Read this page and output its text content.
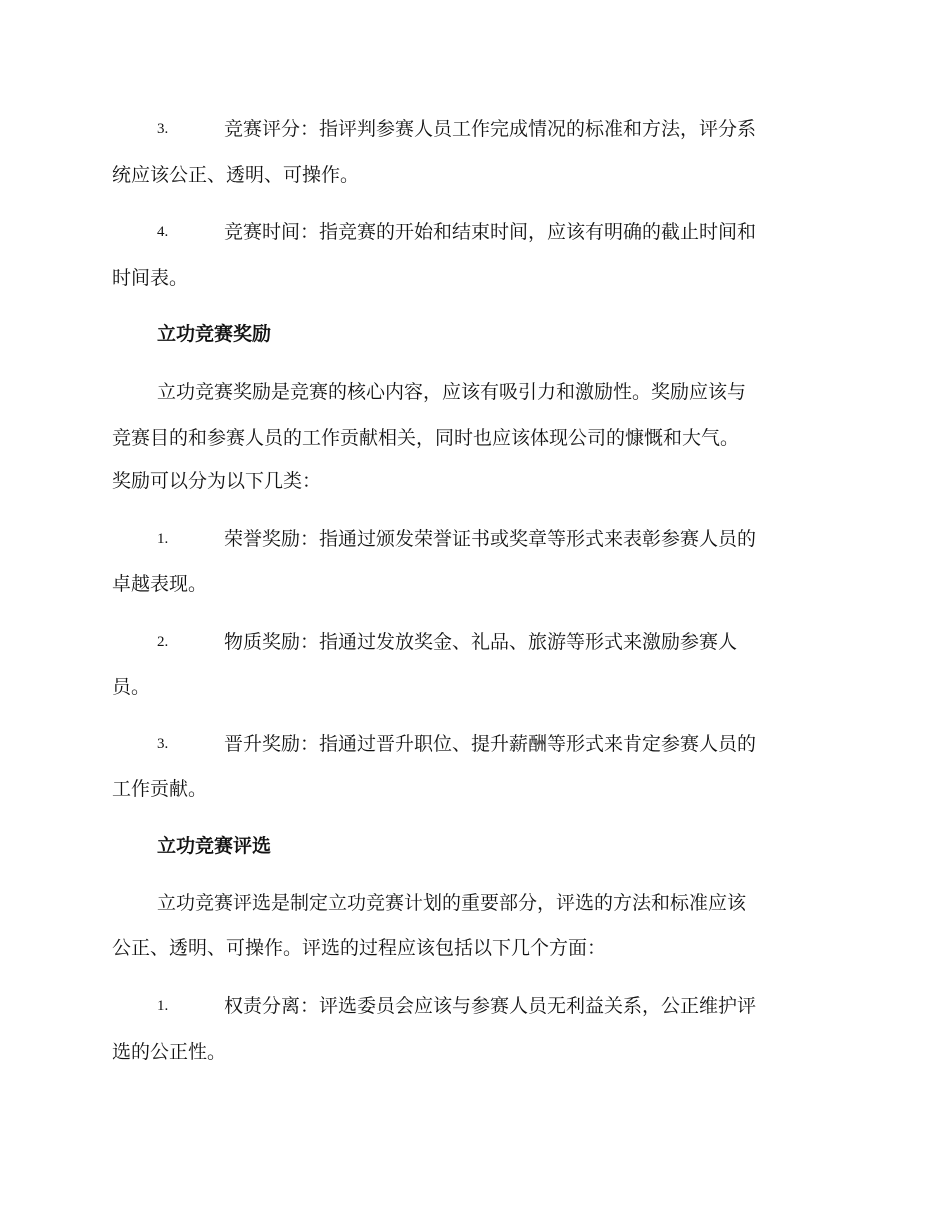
3.	竞赛评分：指评判参赛人员工作完成情况的标准和方法，评分系
统应该公正、透明、可操作。
4.	竞赛时间：指竞赛的开始和结束时间，应该有明确的截止时间和
时间表。
立功竞赛奖励
立功竞赛奖励是竞赛的核心内容，应该有吸引力和激励性。奖励应该与
竞赛目的和参赛人员的工作贡献相关，同时也应该体现公司的慷慨和大气。
奖励可以分为以下几类：
1.	荣誉奖励：指通过颁发荣誉证书或奖章等形式来表彰参赛人员的
卓越表现。
2.	物质奖励：指通过发放奖金、礼品、旅游等形式来激励参赛人
员。
3.	晋升奖励：指通过晋升职位、提升薪酬等形式来肯定参赛人员的
工作贡献。
立功竞赛评选
立功竞赛评选是制定立功竞赛计划的重要部分，评选的方法和标准应该
公正、透明、可操作。评选的过程应该包括以下几个方面：
1.	权责分离：评选委员会应该与参赛人员无利益关系，公正维护评
选的公正性。
